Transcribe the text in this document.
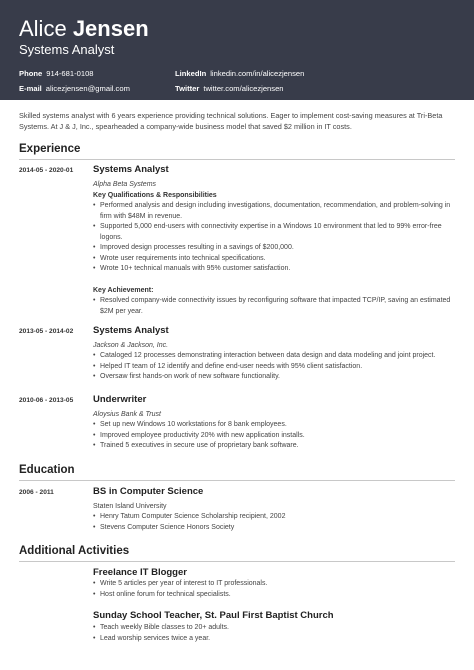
Alice Jensen
Systems Analyst
Phone 914-681-0108
E-mail alicezjensen@gmail.com
LinkedIn linkedin.com/in/alicezjensen
Twitter twitter.com/alicezjensen
Skilled systems analyst with 6 years experience providing technical solutions. Eager to implement cost-saving measures at Tri-Beta Systems. At J & J, Inc., spearheaded a company-wide business model that saved $2 million in IT costs.
Experience
2014-05 - 2020-01 Systems Analyst
Alpha Beta Systems
Key Qualifications & Responsibilities
• Performed analysis and design including investigations, documentation, recommendation, and problem-solving in firm with $48M in revenue.
• Supported 5,000 end-users with connectivity expertise in a Windows 10 environment that led to 99% error-free logons.
• Improved design processes resulting in a savings of $200,000.
• Wrote user requirements into technical specifications.
• Wrote 10+ technical manuals with 95% customer satisfaction.
Key Achievement:
• Resolved company-wide connectivity issues by reconfiguring software that impacted TCP/IP, saving an estimated $2M per year.
2013-05 - 2014-02 Systems Analyst
Jackson & Jackson, Inc.
• Cataloged 12 processes demonstrating interaction between data design and data modeling and joint project.
• Helped IT team of 12 identify and define end-user needs with 95% client satisfaction.
• Oversaw first hands-on work of new software functionality.
2010-06 - 2013-05 Underwriter
Aloysius Bank & Trust
• Set up new Windows 10 workstations for 8 bank employees.
• Improved employee productivity 20% with new application installs.
• Trained 5 executives in secure use of proprietary bank software.
Education
2006 - 2011	BS in Computer Science
Staten Island University
• Henry Tatum Computer Science Scholarship recipient, 2002
• Stevens Computer Science Honors Society
Additional Activities
Freelance IT Blogger
• Write 5 articles per year of interest to IT professionals.
• Host online forum for technical specialists.
Sunday School Teacher, St. Paul First Baptist Church
• Teach weekly Bible classes to 20+ adults.
• Lead worship services twice a year.
